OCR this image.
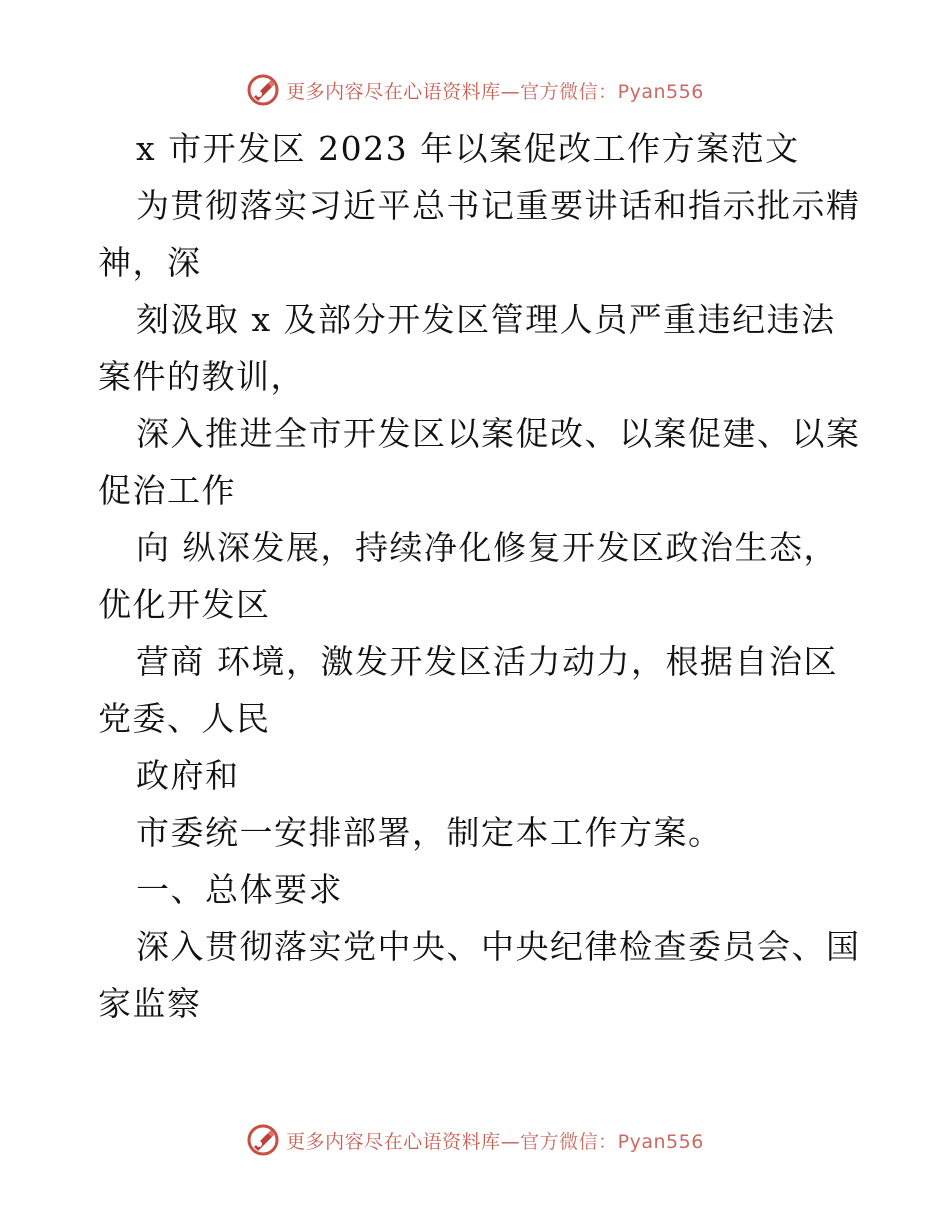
更多内容尽在心语资料库—官方微信：Pyan556
x 市开发区 2023 年以案促改工作方案范文
为贯彻落实习近平总书记重要讲话和指示批示精
神，深
刻汲取 x 及部分开发区管理人员严重违纪违法
案件的教训，
深入推进全市开发区以案促改、以案促建、以案
促治工作
向 纵深发展，持续净化修复开发区政治生态，
优化开发区
营商 环境，激发开发区活力动力，根据自治区
党委、人民
政府和
市委统一安排部署，制定本工作方案。
一、总体要求
深入贯彻落实党中央、中央纪律检查委员会、国
家监察
更多内容尽在心语资料库—官方微信：Pyan556
